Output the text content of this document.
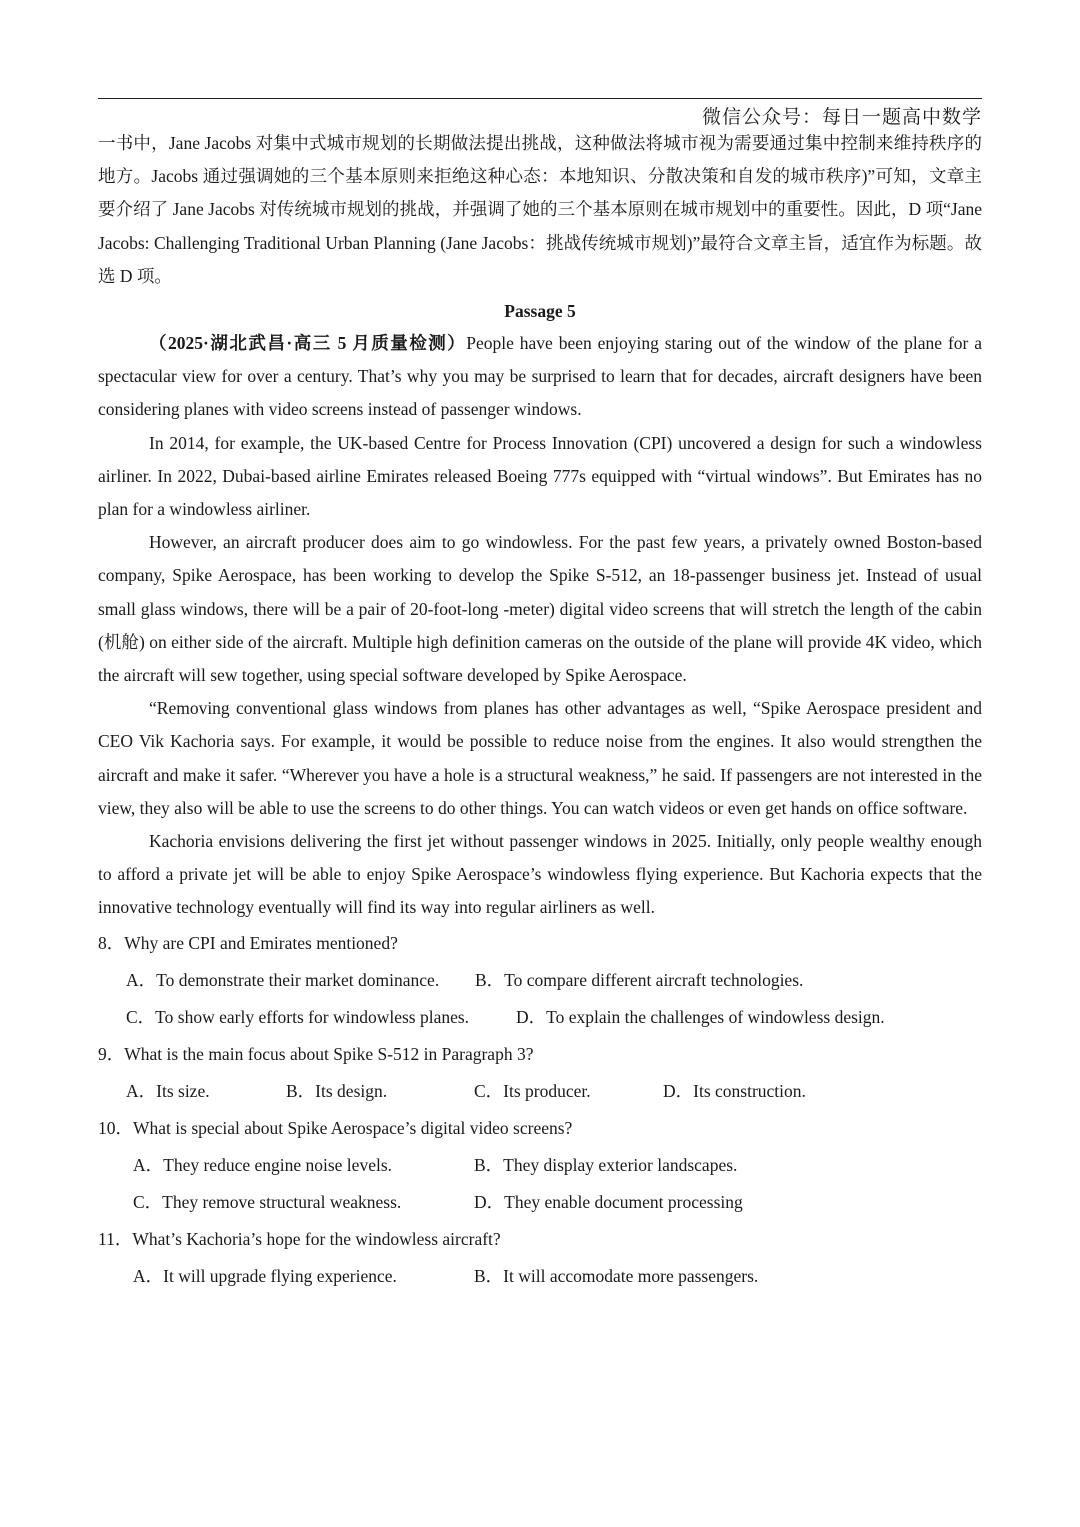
微信公众号：每日一题高中数学

一书中，Jane Jacobs 对集中式城市规划的长期做法提出挑战，这种做法将城市视为需要通过集中控制来维持秩序的地方。Jacobs 通过强调她的三个基本原则来拒绝这种心态：本地知识、分散决策和自发的城市秩序)”可知，文章主要介绍了 Jane Jacobs 对传统城市规划的挑战，并强调了她的三个基本原则在城市规划中的重要性。因此，D 项“Jane Jacobs: Challenging Traditional Urban Planning (Jane Jacobs：挑战传统城市规划)”最符合文章主旨，适宜作为标题。故选 D 项。

Passage 5

（2025·湖北武昌·高三 5 月质量检测）People have been enjoying staring out of the window of the plane for a spectacular view for over a century. That’s why you may be surprised to learn that for decades, aircraft designers have been considering planes with video screens instead of passenger windows.

In 2014, for example, the UK-based Centre for Process Innovation (CPI) uncovered a design for such a windowless airliner. In 2022, Dubai-based airline Emirates released Boeing 777s equipped with “virtual windows”. But Emirates has no plan for a windowless airliner.

However, an aircraft producer does aim to go windowless. For the past few years, a privately owned Boston-based company, Spike Aerospace, has been working to develop the Spike S-512, an 18-passenger business jet. Instead of usual small glass windows, there will be a pair of 20-foot-long -meter) digital video screens that will stretch the length of the cabin (机舱) on either side of the aircraft. Multiple high definition cameras on the outside of the plane will provide 4K video, which the aircraft will sew together, using special software developed by Spike Aerospace.

“Removing conventional glass windows from planes has other advantages as well, “Spike Aerospace president and CEO Vik Kachoria says. For example, it would be possible to reduce noise from the engines. It also would strengthen the aircraft and make it safer. “Wherever you have a hole is a structural weakness,” he said. If passengers are not interested in the view, they also will be able to use the screens to do other things. You can watch videos or even get hands on office software.

Kachoria envisions delivering the first jet without passenger windows in 2025. Initially, only people wealthy enough to afford a private jet will be able to enjoy Spike Aerospace’s windowless flying experience. But Kachoria expects that the innovative technology eventually will find its way into regular airliners as well.

8．Why are CPI and Emirates mentioned?

A．To demonstrate their market dominance. B．To compare different aircraft technologies.
C．To show early efforts for windowless planes.	D．To explain the challenges of windowless design.

9．What is the main focus about Spike S-512 in Paragraph 3?

A．Its size.	B．Its design.	C．Its producer.	D．Its construction.

10．What is special about Spike Aerospace’s digital video screens?

A．They reduce engine noise levels.	B．They display exterior landscapes.
C．They remove structural weakness.	D．They enable document processing

11．What’s Kachoria’s hope for the windowless aircraft?

A．It will upgrade flying experience.	B．It will accomodate more passengers.
